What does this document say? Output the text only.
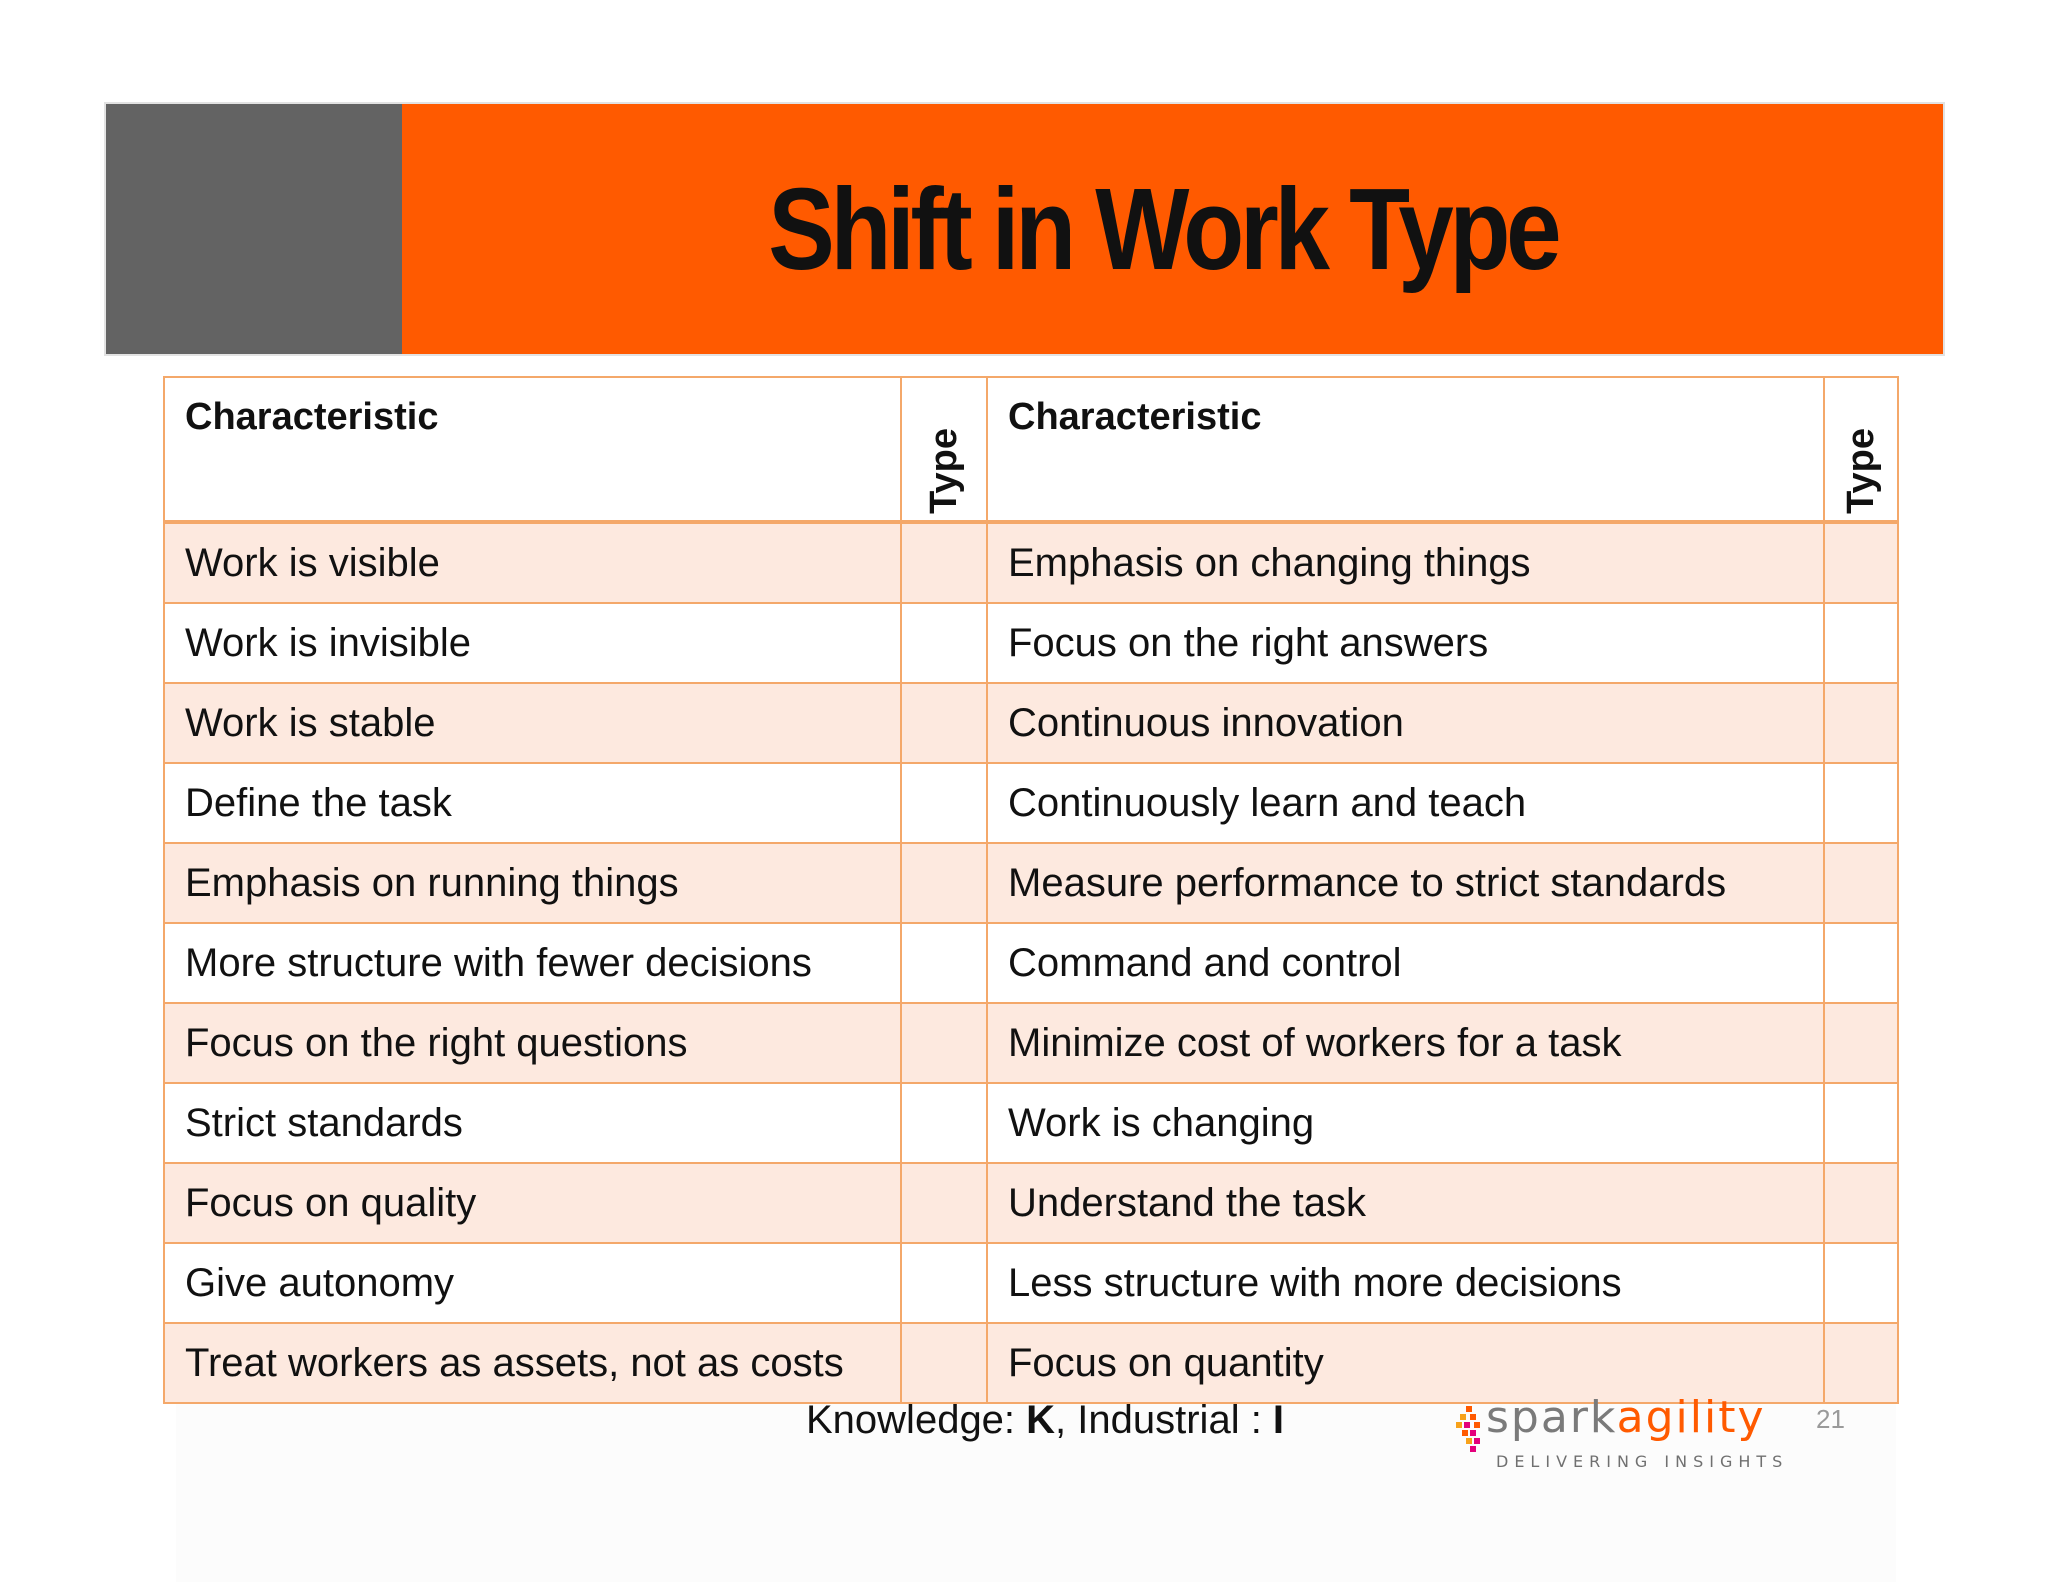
Shift in Work Type
Characteristic	Type	Characteristic	Type

Work is visible		Emphasis on changing things	
Work is invisible		Focus on the right answers	
Work is stable		Continuous innovation	
Define the task		Continuously learn and teach	
Emphasis on running things		Measure performance to strict standards	
More structure with fewer decisions		Command and control	
Focus on the right questions		Minimize cost of workers for a task	
Strict standards		Work is changing	
Focus on quality		Understand the task	
Give autonomy		Less structure with more decisions	
Treat workers as assets, not as costs		Focus on quantity	
Knowledge: K, Industrial : I	sparkagility
DELIVERING INSIGHTS
21
